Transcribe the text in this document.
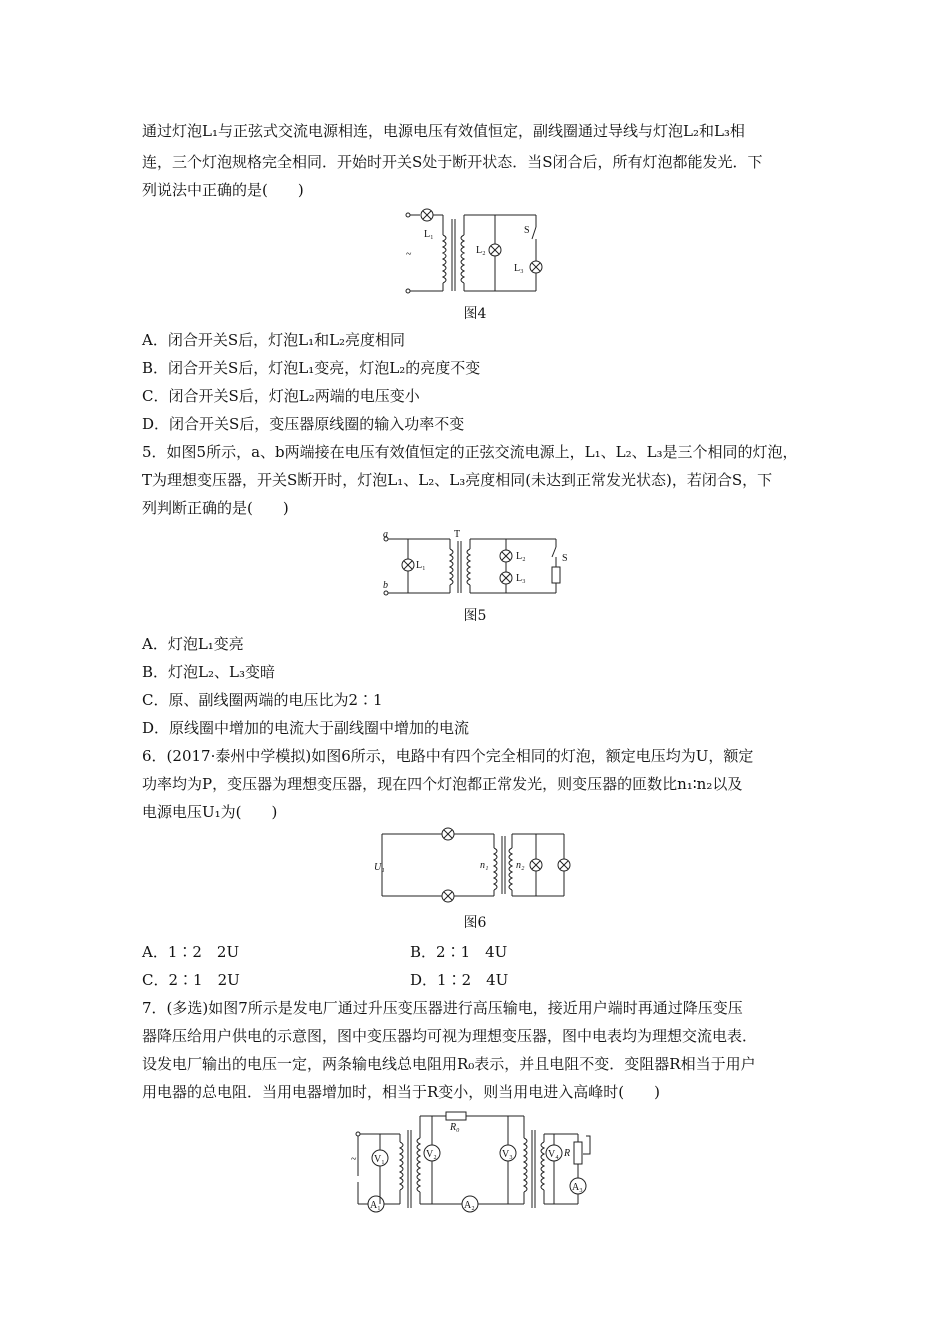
通过灯泡L₁与正弦式交流电源相连，电源电压有效值恒定，副线圈通过导线与灯泡L₂和L₃相
连，三个灯泡规格完全相同．开始时开关S处于断开状态．当S闭合后，所有灯泡都能发光．下
列说法中正确的是(　　)
L₁
~	L₂
S
L₃
图4
A．闭合开关S后，灯泡L₁和L₂亮度相同
B．闭合开关S后，灯泡L₁变亮，灯泡L₂的亮度不变
C．闭合开关S后，灯泡L₂两端的电压变小
D．闭合开关S后，变压器原线圈的输入功率不变
5．如图5所示，a、b两端接在电压有效值恒定的正弦交流电源上，L₁、L₂、L₃是三个相同的灯泡，
T为理想变压器，开关S断开时，灯泡L₁、L₂、L₃亮度相同(未达到正常发光状态)，若闭合S，下
列判断正确的是(　　)
a
b
T
L₁
L₂
L₃
S
图5
A．灯泡L₁变亮
B．灯泡L₂、L₃变暗
C．原、副线圈两端的电压比为2∶1
D．原线圈中增加的电流大于副线圈中增加的电流
6．(2017·泰州中学模拟)如图6所示，电路中有四个完全相同的灯泡，额定电压均为U，额定
功率均为P，变压器为理想变压器，现在四个灯泡都正常发光，则变压器的匝数比n₁∶n₂以及
电源电压U₁为(　　)
U₁	n₁	n₂
图6
A．1∶2　2U	B．2∶1　4U
C．2∶1　2U	D．1∶2　4U
7．(多选)如图7所示是发电厂通过升压变压器进行高压输电，接近用户端时再通过降压变压
器降压给用户供电的示意图，图中变压器均可视为理想变压器，图中电表均为理想交流电表．
设发电厂输出的电压一定，两条输电线总电阻用R₀表示，并且电阻不变．变阻器R相当于用户
用电器的总电阻．当用电器增加时，相当于R变小，则当用电进入高峰时(　　)
~
R₀
V₁	V₂	V₃	V₄ R
A₁	A₂
A₃
